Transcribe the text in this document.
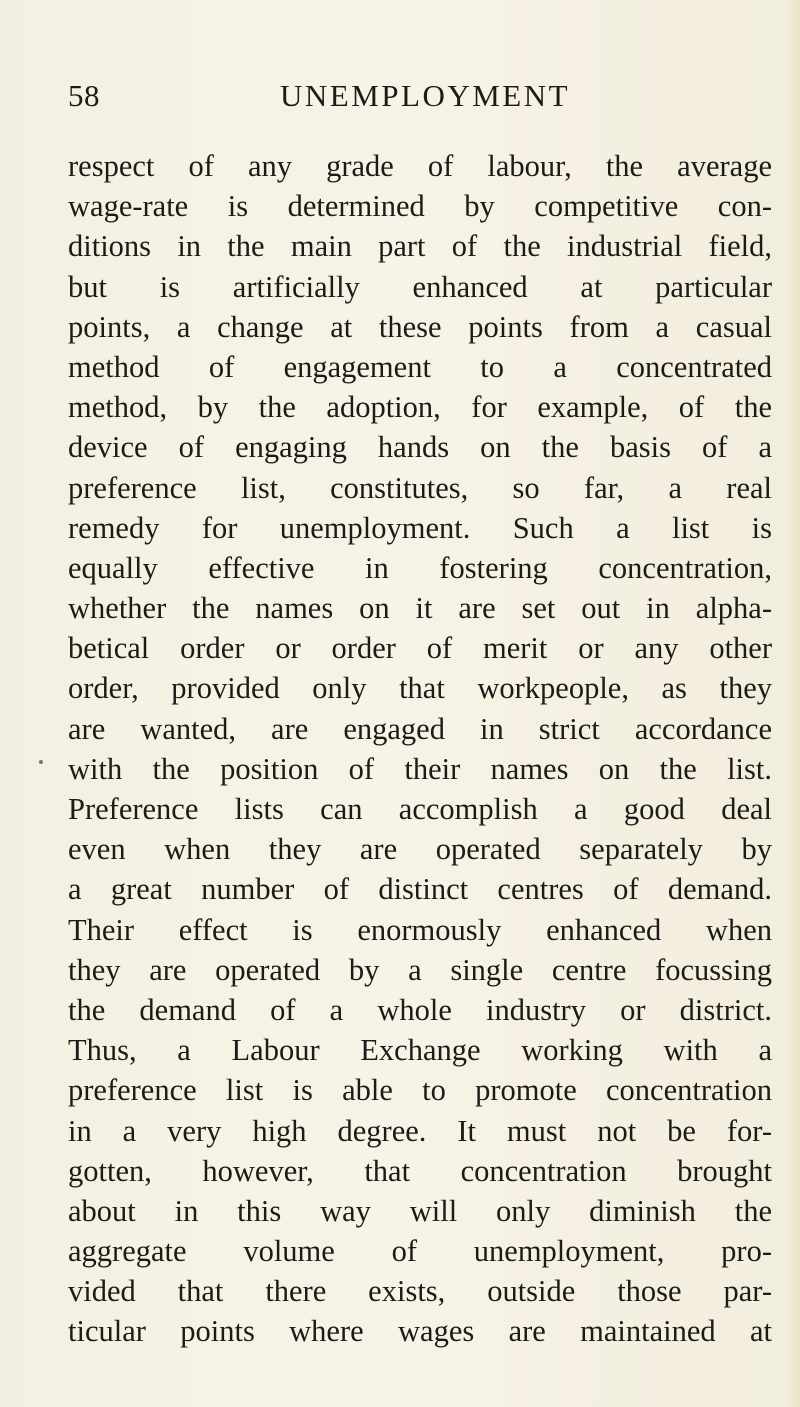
58	UNEMPLOYMENT
respect of any grade of labour, the average
wage-rate is determined by competitive con-
ditions in the main part of the industrial field,
but is artificially enhanced at particular
points, a change at these points from a casual
method of engagement to a concentrated
method, by the adoption, for example, of the
device of engaging hands on the basis of a
preference list, constitutes, so far, a real
remedy for unemployment. Such a list is
equally effective in fostering concentration,
whether the names on it are set out in alpha-
betical order or order of merit or any other
order, provided only that workpeople, as they
are wanted, are engaged in strict accordance
with the position of their names on the list.
Preference lists can accomplish a good deal
even when they are operated separately by
a great number of distinct centres of demand.
Their effect is enormously enhanced when
they are operated by a single centre focussing
the demand of a whole industry or district.
Thus, a Labour Exchange working with a
preference list is able to promote concentration
in a very high degree. It must not be for-
gotten, however, that concentration brought
about in this way will only diminish the
aggregate volume of unemployment, pro-
vided that there exists, outside those par-
ticular points where wages are maintained at
